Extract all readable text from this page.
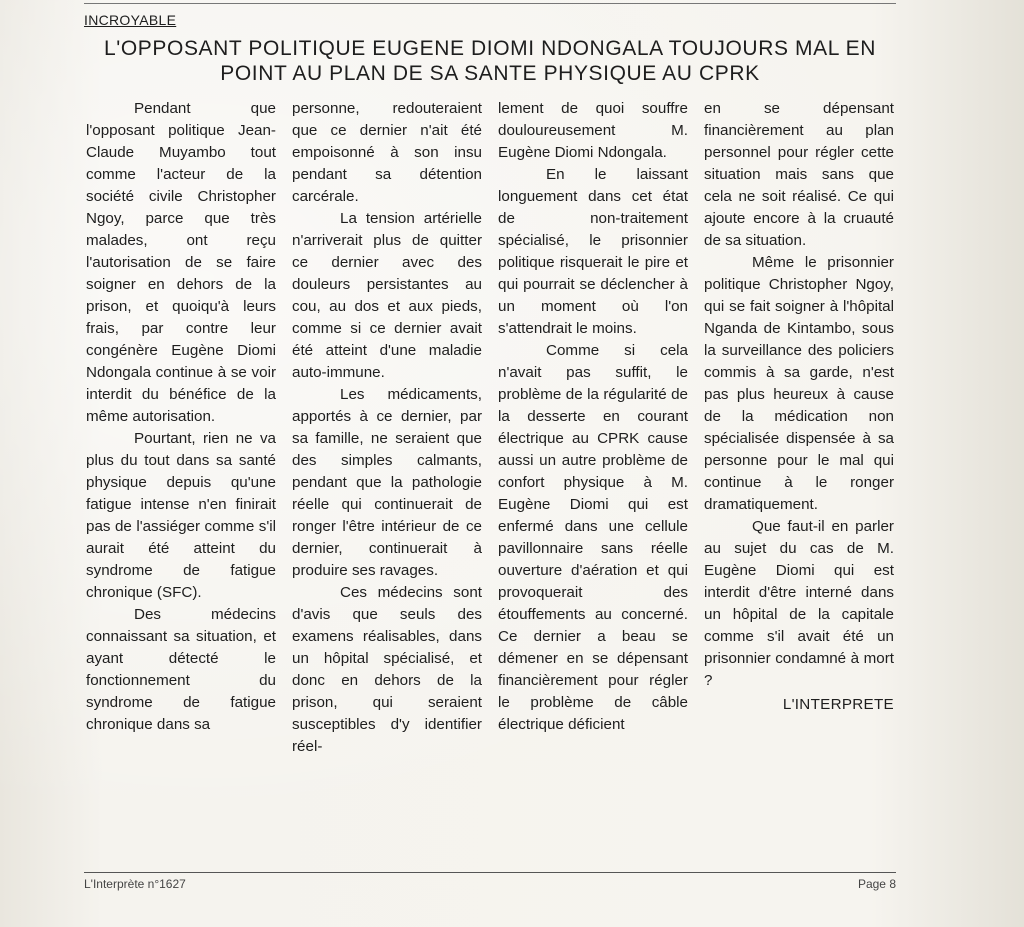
INCROYABLE
L'OPPOSANT POLITIQUE EUGENE DIOMI NDONGALA TOUJOURS MAL EN POINT AU PLAN DE SA SANTE PHYSIQUE AU CPRK

Pendant que l'opposant politique Jean-Claude Muyambo tout comme l'acteur de la société civile Christopher Ngoy, parce que très malades, ont reçu l'autorisation de se faire soigner en dehors de la prison, et quoiqu'à leurs frais, par contre leur congénère Eugène Diomi Ndongala continue à se voir interdit du bénéfice de la même autorisation.

Pourtant, rien ne va plus du tout dans sa santé physique depuis qu'une fatigue intense n'en finirait pas de l'assiéger comme s'il aurait été atteint du syndrome de fatigue chronique (SFC).

Des médecins connaissant sa situation, et ayant détecté le fonctionnement du syndrome de fatigue chronique dans sa

personne, redouteraient que ce dernier n'ait été empoisonné à son insu pendant sa détention carcérale.

La tension artérielle n'arriverait plus de quitter ce dernier avec des douleurs persistantes au cou, au dos et aux pieds, comme si ce dernier avait été atteint d'une maladie auto-immune.

Les médicaments, apportés à ce dernier, par sa famille, ne seraient que des simples calmants, pendant que la pathologie réelle qui continuerait de ronger l'être intérieur de ce dernier, continuerait à produire ses ravages.

Ces médecins sont d'avis que seuls des examens réalisables, dans un hôpital spécialisé, et donc en dehors de la prison, qui seraient susceptibles d'y identifier réel-

lement de quoi souffre douloureusement M. Eugène Diomi Ndongala.

En le laissant longuement dans cet état de non-traitement spécialisé, le prisonnier politique risquerait le pire et qui pourrait se déclencher à un moment où l'on s'attendrait le moins.

Comme si cela n'avait pas suffit, le problème de la régularité de la desserte en courant électrique au CPRK cause aussi un autre problème de confort physique à M. Eugène Diomi qui est enfermé dans une cellule pavillonnaire sans réelle ouverture d'aération et qui provoquerait des étouffements au concerné. Ce dernier a beau se démener en se dépensant financièrement pour régler le problème de câble électrique déficient

en se dépensant financièrement au plan personnel pour régler cette situation mais sans que cela ne soit réalisé. Ce qui ajoute encore à la cruauté de sa situation.

Même le prisonnier politique Christopher Ngoy, qui se fait soigner à l'hôpital Nganda de Kintambo, sous la surveillance des policiers commis à sa garde, n'est pas plus heureux à cause de la médication non spécialisée dispensée à sa personne pour le mal qui continue à le ronger dramatiquement.

Que faut-il en parler au sujet du cas de M. Eugène Diomi qui est interdit d'être interné dans un hôpital de la capitale comme s'il avait été un prisonnier condamné à mort ?

L'INTERPRETE

L'Interprète n°1627	Page 8
